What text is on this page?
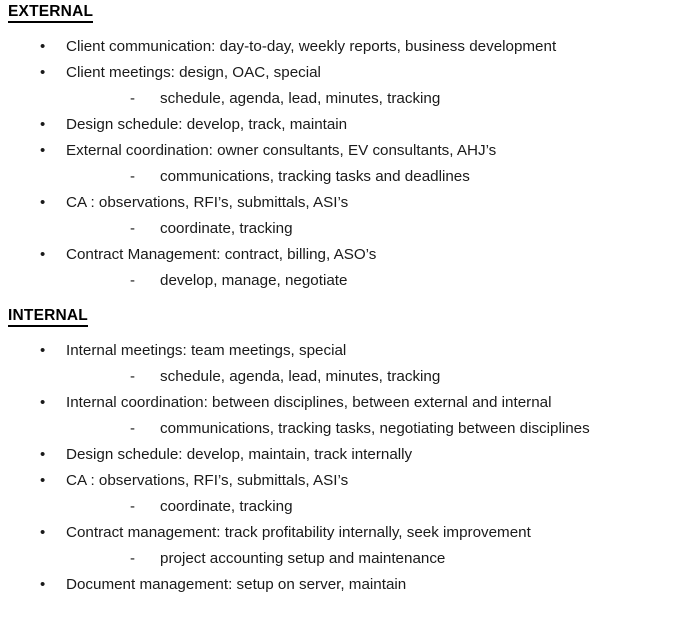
EXTERNAL
•	Client communication: day-to-day, weekly reports, business development
•	Client meetings: design, OAC, special
-	schedule, agenda, lead, minutes, tracking
•	Design schedule: develop, track, maintain
•	External coordination: owner consultants, EV consultants, AHJ’s
-	communications, tracking tasks and deadlines
•	CA : observations, RFI’s, submittals, ASI’s
-	coordinate, tracking
•	Contract Management: contract, billing, ASO’s
-	develop, manage, negotiate
INTERNAL
•	Internal meetings: team meetings, special
-	schedule, agenda, lead, minutes, tracking
•	Internal coordination: between disciplines, between external and internal
-	communications, tracking tasks, negotiating between disciplines
•	Design schedule: develop, maintain, track internally
•	CA : observations, RFI’s, submittals, ASI’s
-	coordinate, tracking
•	Contract management: track profitability internally, seek improvement
-	project accounting setup and maintenance
•	Document management: setup on server, maintain
